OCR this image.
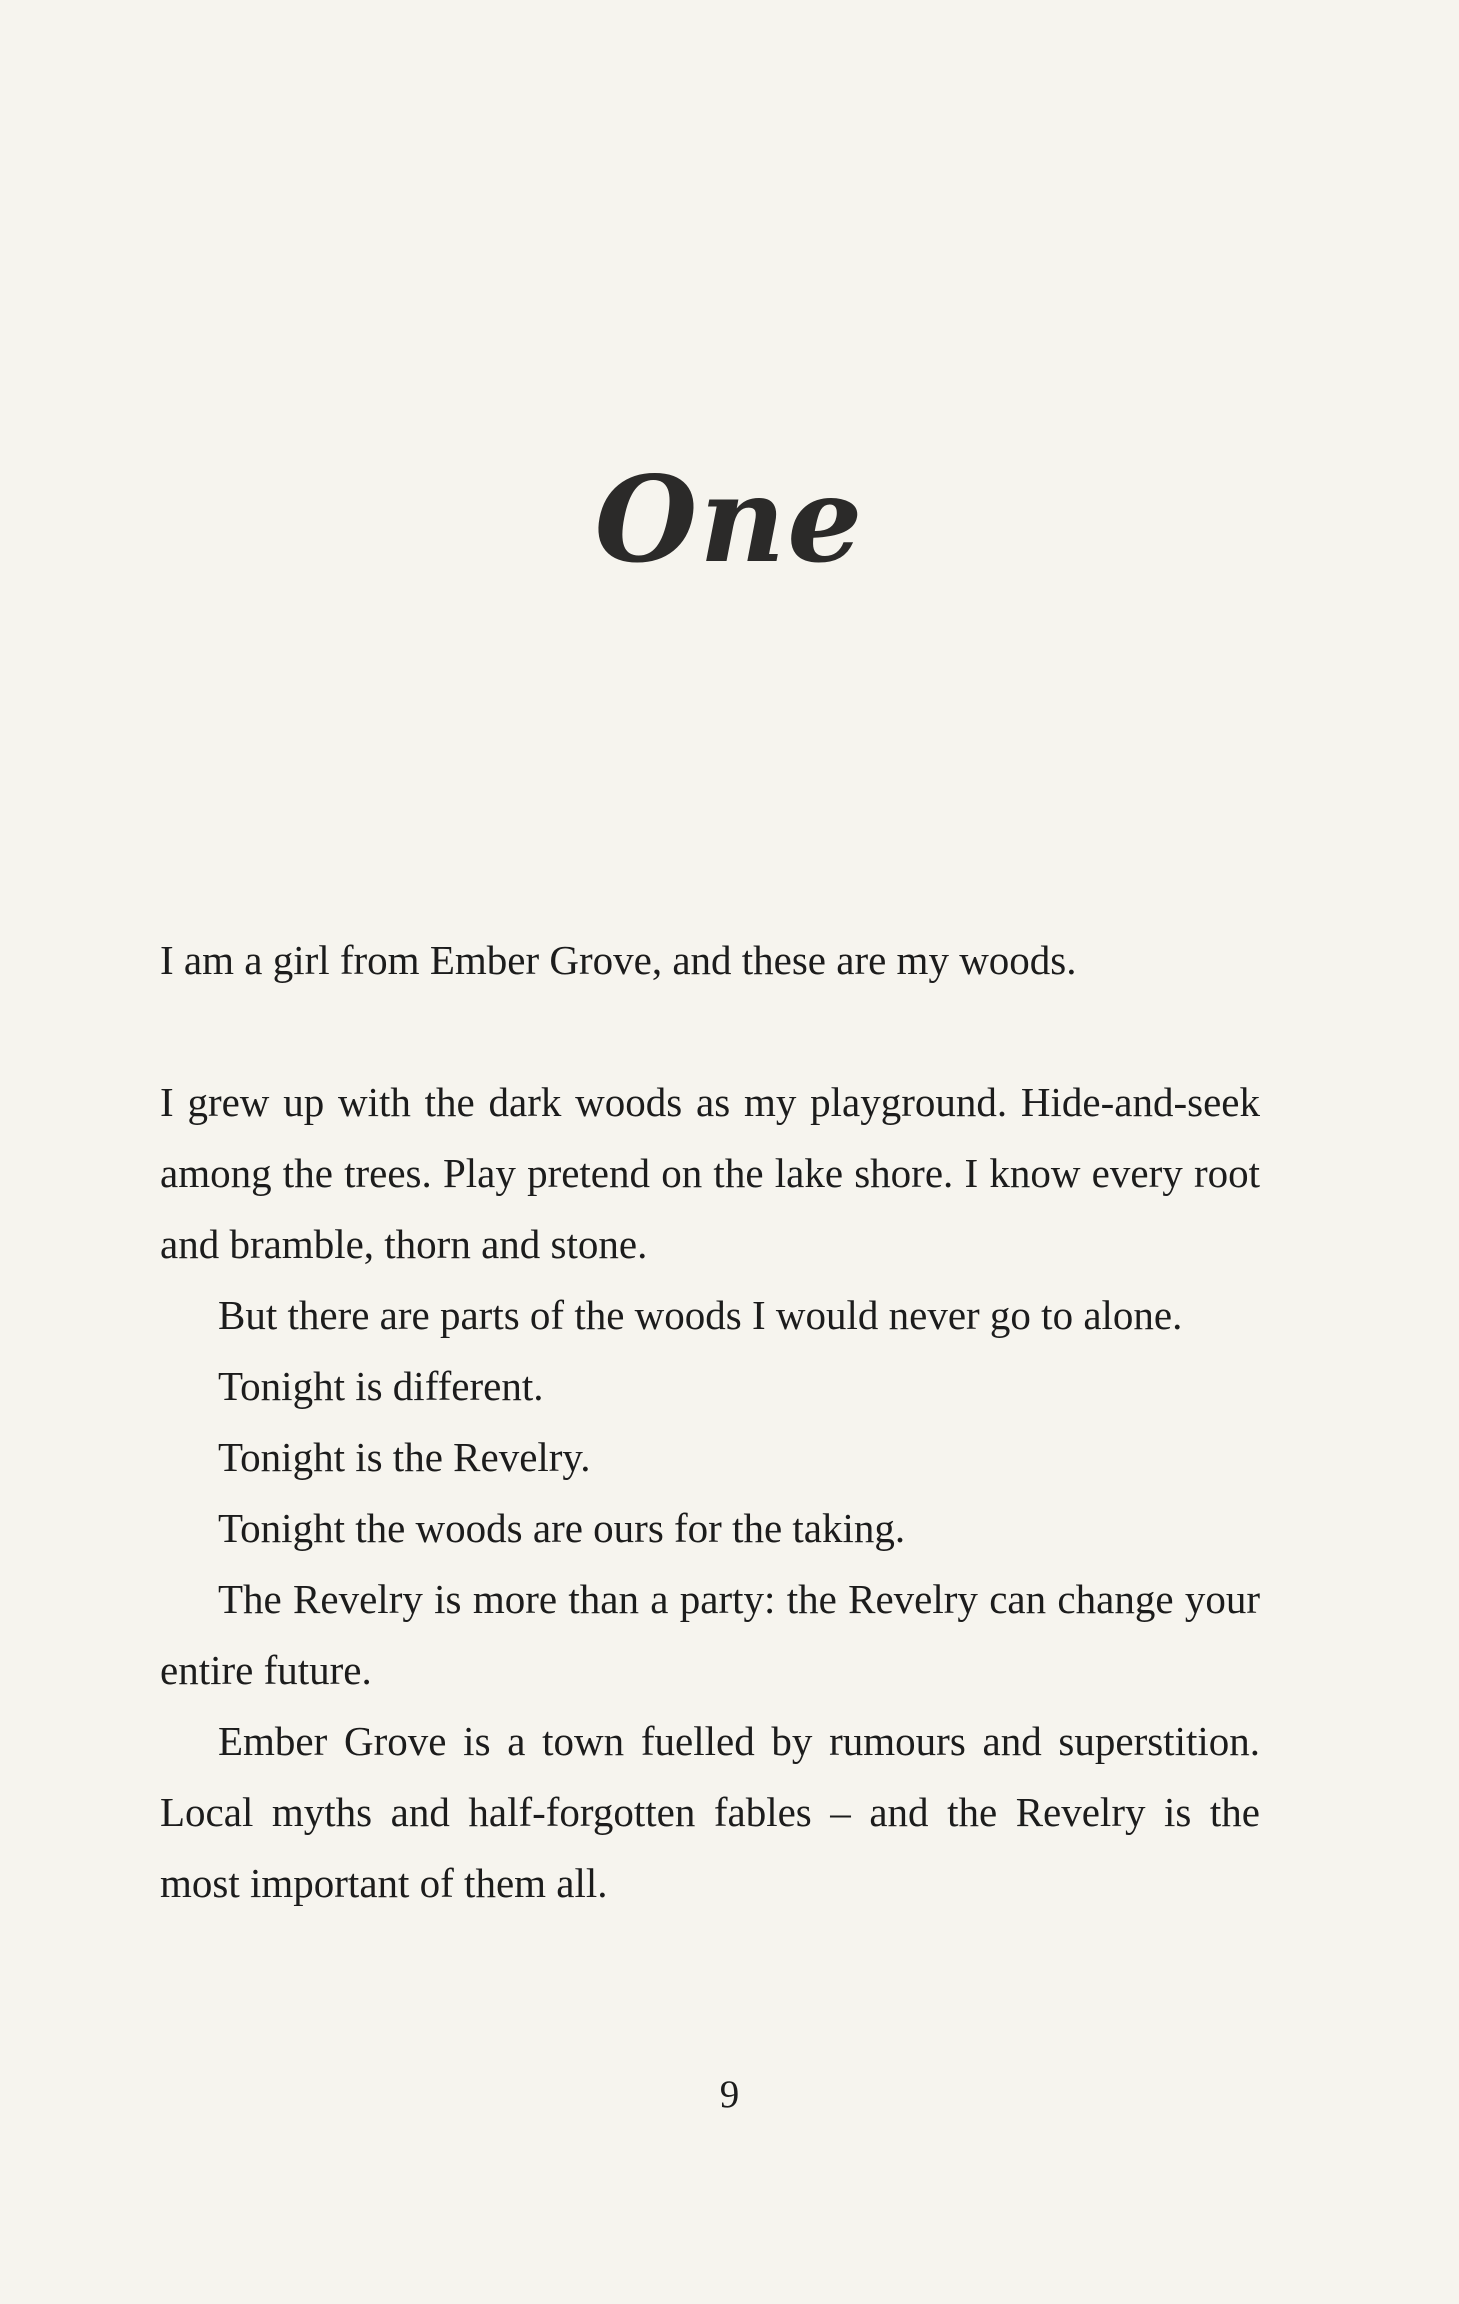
One

I am a girl from Ember Grove, and these are my woods.

I grew up with the dark woods as my playground. Hide-and-seek among the trees. Play pretend on the lake shore. I know every root and bramble, thorn and stone.

But there are parts of the woods I would never go to alone.

Tonight is different.

Tonight is the Revelry.

Tonight the woods are ours for the taking.

The Revelry is more than a party: the Revelry can change your entire future.

Ember Grove is a town fuelled by rumours and superstition. Local myths and half-forgotten fables – and the Revelry is the most important of them all.

9
